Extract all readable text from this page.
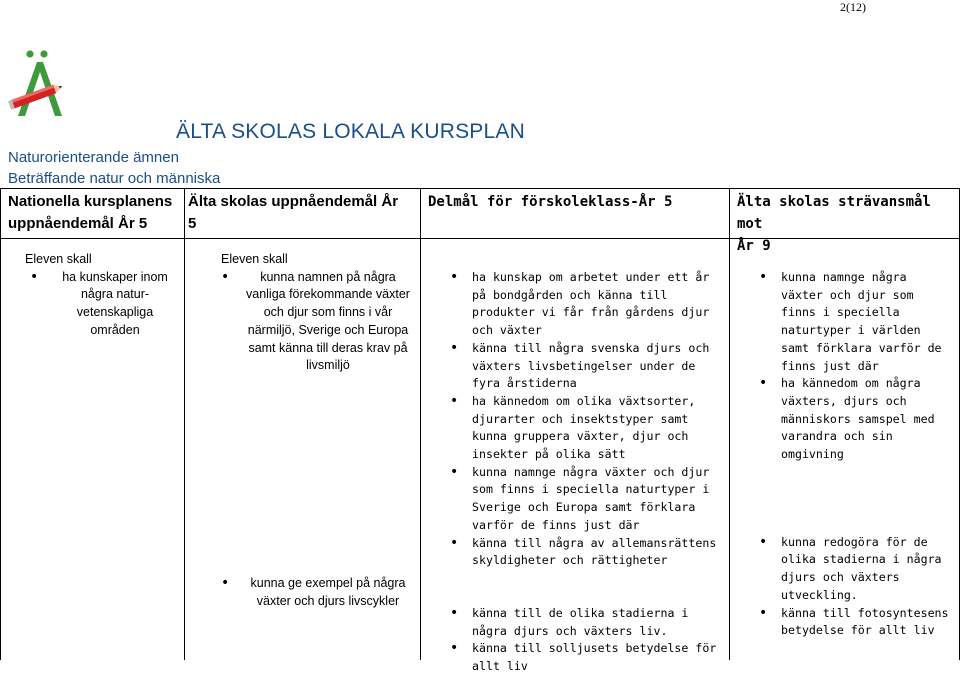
2(12)
ÄLTA SKOLAS LOKALA KURSPLAN
Naturorienterande ämnen
Beträffande natur och människa
Nationella kursplanens
uppnåendemål År 5
Älta skolas uppnåendemål År
5
Delmål för förskoleklass-År 5	Älta skolas strävansmål mot
År 9

Eleven skall

• ha kunskaper inom några natur-vetenskapliga områden

Eleven skall

• kunna namnen på några vanliga förekommande växter och djur som finns i vår närmiljö, Sverige och Europa samt känna till deras krav på livsmiljö
• kunna ge exempel på några växter och djurs livscykler
• ha kunskap om arbetet under ett år på bondgården och känna till produkter vi får från gårdens djur och växter
• känna till några svenska djurs och växters livsbetingelser under de fyra årstiderna
• ha kännedom om olika växtsorter, djurarter och insektstyper samt kunna gruppera växter, djur och insekter på olika sätt
• kunna namnge några växter och djur som finns i speciella naturtyper i Sverige och Europa samt förklara varför de finns just där
• känna till några av allemansrättens skyldigheter och rättigheter
• känna till de olika stadierna i några djurs och växters liv.
• känna till solljusets betydelse för allt liv
• kunna namnge några växter och djur som finns i speciella naturtyper i världen samt förklara varför de finns just där
• ha kännedom om några växters, djurs och människors samspel med varandra och sin omgivning
• kunna redogöra för de olika stadierna i några djurs och växters utveckling.
• känna till fotosyntesens betydelse för allt liv
